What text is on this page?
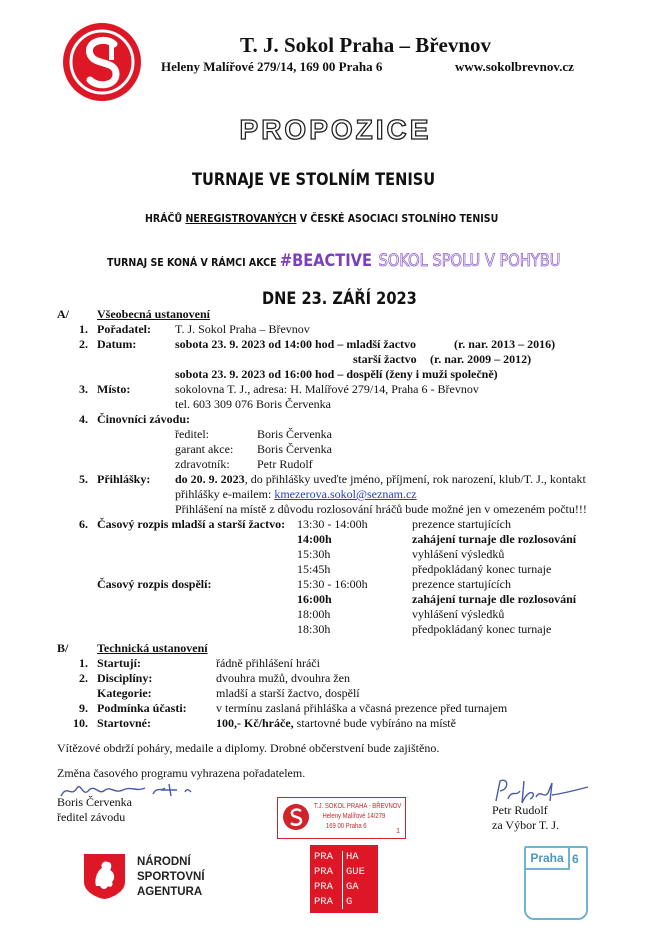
T. J. Sokol Praha – Břevnov
Heleny Malířové 279/14, 169 00 Praha 6	www.sokolbrevnov.cz
PROPOZICE
TURNAJE VE STOLNÍM TENISU
HRÁČŮ NEREGISTROVANÝCH V ČESKÉ ASOCIACI STOLNÍHO TENISU
TURNAJ SE KONÁ V RÁMCI AKCE #BEACTIVE SOKOL SPOLU V POHYBU
DNE 23. ZÁŘÍ 2023
A/ Všeobecná ustanovení
1. Pořadatel: T. J. Sokol Praha – Břevnov
2. Datum:	sobota 23. 9. 2023 od 14:00 hod – mladší žactvo	(r. nar. 2013 – 2016)
starší žactvo (r. nar. 2009 – 2012)
sobota 23. 9. 2023 od 16:00 hod – dospělí (ženy i muži společně)
3. Místo:	sokolovna T. J., adresa: H. Malířové 279/14, Praha 6 - Břevnov
tel. 603 309 076 Boris Červenka
4. Činovníci závodu:
ředitel:	Boris Červenka
garant akce: Boris Červenka
zdravotník: Petr Rudolf
5. Přihlášky: do 20. 9. 2023, do přihlášky uveďte jméno, příjmení, rok narození, klub/T. J., kontakt
přihlášky e-mailem: kmezerova.sokol@seznam.cz
Přihlášení na místě z důvodu rozlosování hráčů bude možné jen v omezeném počtu!!!
6. Časový rozpis mladší a starší žactvo: 13:30 - 14:00h	prezence startujících
14:00h	zahájení turnaje dle rozlosování
15:30h	vyhlášení výsledků
15:45h	předpokládaný konec turnaje
Časový rozpis dospělí:	15:30 - 16:00h	prezence startujících
16:00h	zahájení turnaje dle rozlosování
18:00h	vyhlášení výsledků
18:30h	předpokládaný konec turnaje
B/ Technická ustanovení
1. Startují:	řádně přihlášení hráči
2. Disciplíny:	dvouhra mužů, dvouhra žen
Kategorie:	mladší a starší žactvo, dospělí
9. Podmínka účasti: v termínu zaslaná přihláška a včasná prezence před turnajem
10. Startovné:	100,- Kč/hráče, startovné bude vybíráno na místě
Vítězové obdrží poháry, medaile a diplomy. Drobné občerstvení bude zajištěno.
Změna časového programu vyhrazena pořadatelem.
Boris Červenka
ředitel závodu	Petr Rudolf
za Výbor T. J.
T.J. SOKOL PRAHA - BŘEVNOV
Heleny Malířové 14/279
169 00 Praha 6
1
NÁRODNÍ
SPORTOVNÍ
AGENTURA
PRA
PRA
PRA
PRA
HA
GUE
GA
G
Praha 6
